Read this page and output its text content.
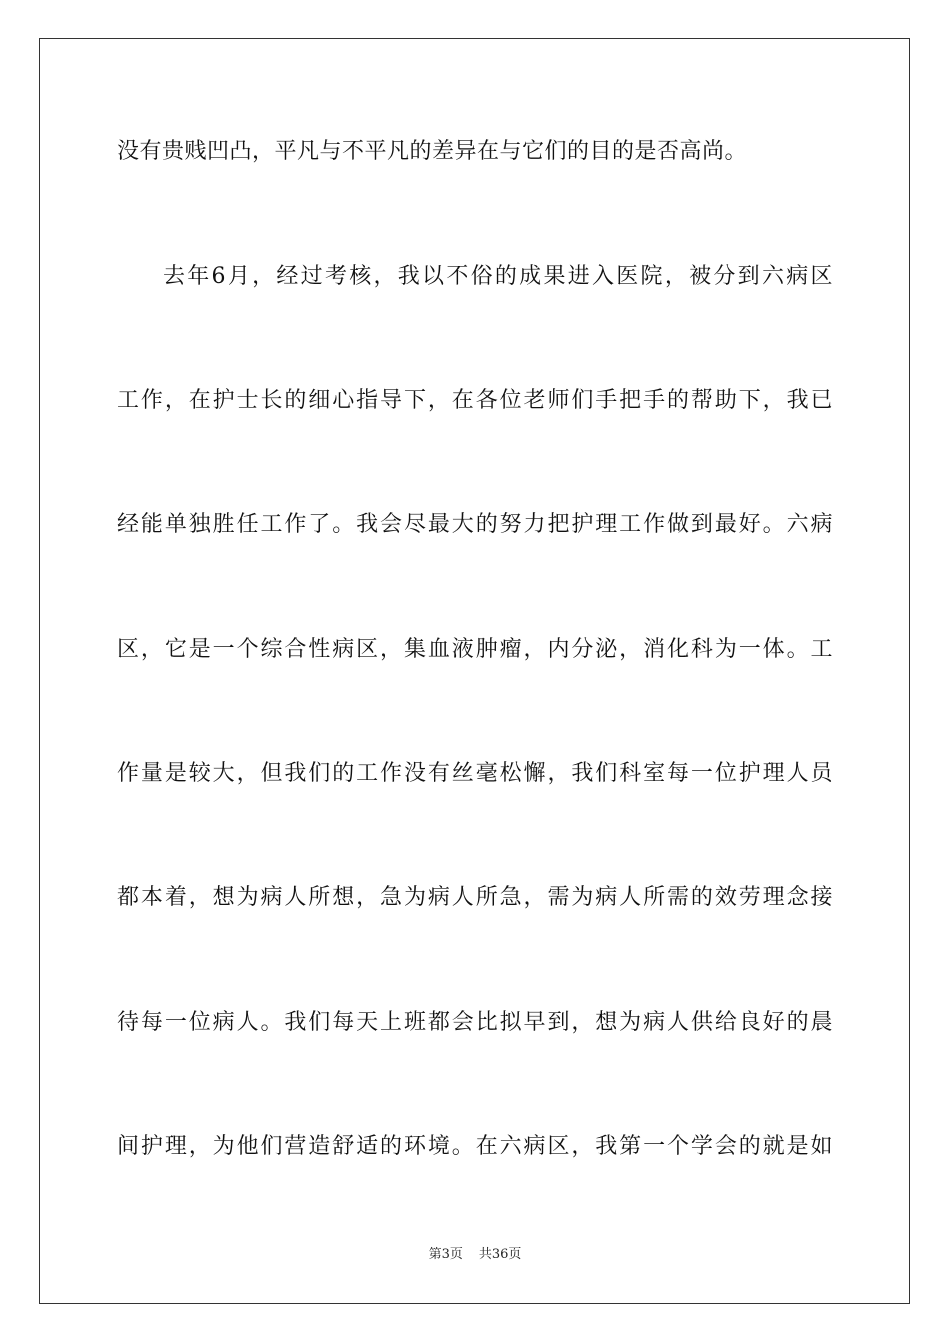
没有贵贱凹凸，平凡与不平凡的差异在与它们的目的是否高尚。
去年6月，经过考核，我以不俗的成果进入医院，被分到六病区
工作，在护士长的细心指导下，在各位老师们手把手的帮助下，我已
经能单独胜任工作了。我会尽最大的努力把护理工作做到最好。六病
区，它是一个综合性病区，集血液肿瘤，内分泌，消化科为一体。工
作量是较大，但我们的工作没有丝毫松懈，我们科室每一位护理人员
都本着，想为病人所想，急为病人所急，需为病人所需的效劳理念接
待每一位病人。我们每天上班都会比拟早到，想为病人供给良好的晨
间护理，为他们营造舒适的环境。在六病区，我第一个学会的就是如
第3页 共36页
